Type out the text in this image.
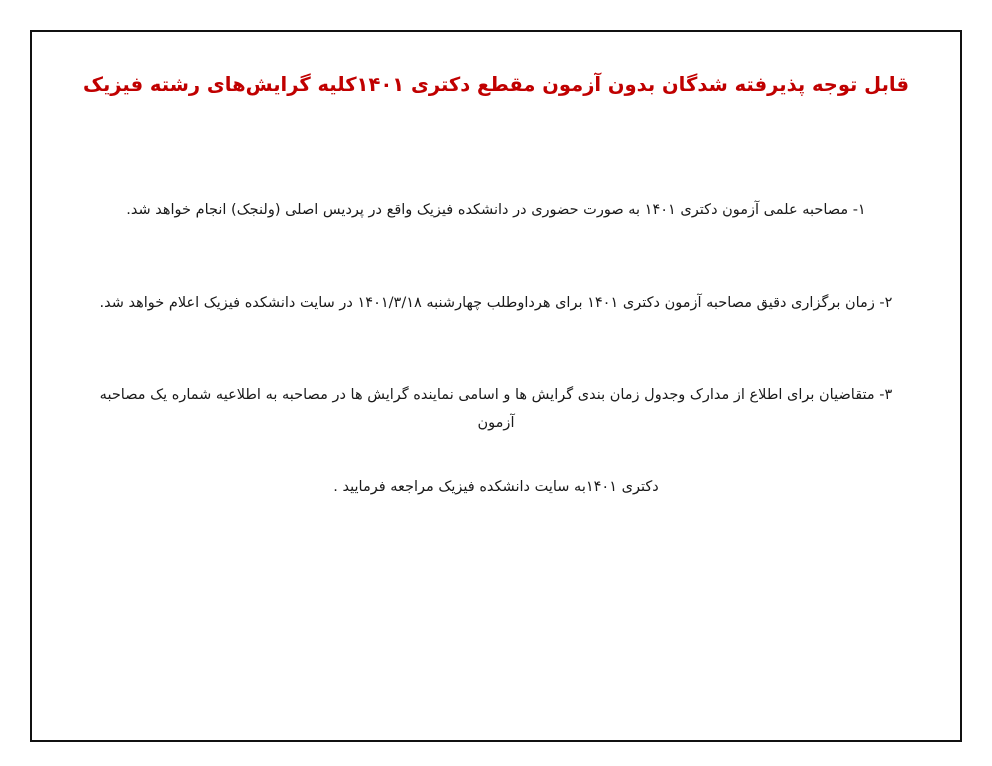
قابل توجه پذیرفته شدگان بدون آزمون مقطع دکتری ۱۴۰۱کلیه گرایش‌های رشته فیزیک
۱- مصاحبه علمی آزمون دکتری ۱۴۰۱ به صورت حضوری در دانشکده فیزیک واقع در پردیس اصلی (ولنجک) انجام خواهد شد.
۲- زمان برگزاری دقیق مصاحبه آزمون دکتری ۱۴۰۱ برای هرداوطلب چهارشنبه ۱۴۰۱/۳/۱۸ در سایت دانشکده فیزیک اعلام خواهد شد.
۳- متقاضیان برای اطلاع از مدارک وجدول زمان بندی گرایش ها و اسامی نماینده گرایش ها در مصاحبه به اطلاعیه شماره یک مصاحبه آزمون
دکتری ۱۴۰۱به سایت دانشکده فیزیک مراجعه فرمایید .
